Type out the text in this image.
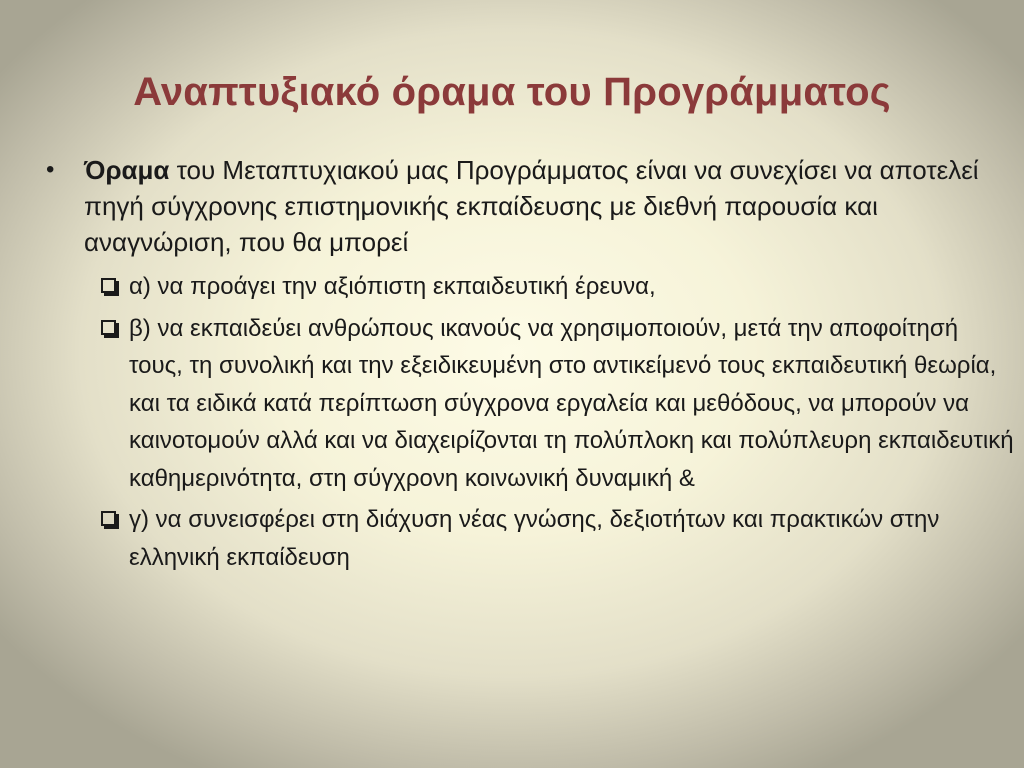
Αναπτυξιακό όραμα του Προγράμματος
• Όραμα του Μεταπτυχιακού μας Προγράμματος είναι να συνεχίσει να αποτελεί πηγή σύγχρονης επιστημονικής εκπαίδευσης με διεθνή παρουσία και αναγνώριση, που θα μπορεί
α) να προάγει την αξιόπιστη εκπαιδευτική έρευνα,
β) να εκπαιδεύει ανθρώπους ικανούς να χρησιμοποιούν, μετά την αποφοίτησή τους, τη συνολική και την εξειδικευμένη στο αντικείμενό τους εκπαιδευτική θεωρία, και τα ειδικά κατά περίπτωση σύγχρονα εργαλεία και μεθόδους, να μπορούν να καινοτομούν αλλά και να διαχειρίζονται τη πολύπλοκη και πολύπλευρη εκπαιδευτική καθημερινότητα, στη σύγχρονη κοινωνική δυναμική &
γ) να συνεισφέρει στη διάχυση νέας γνώσης, δεξιοτήτων και πρακτικών στην ελληνική εκπαίδευση
